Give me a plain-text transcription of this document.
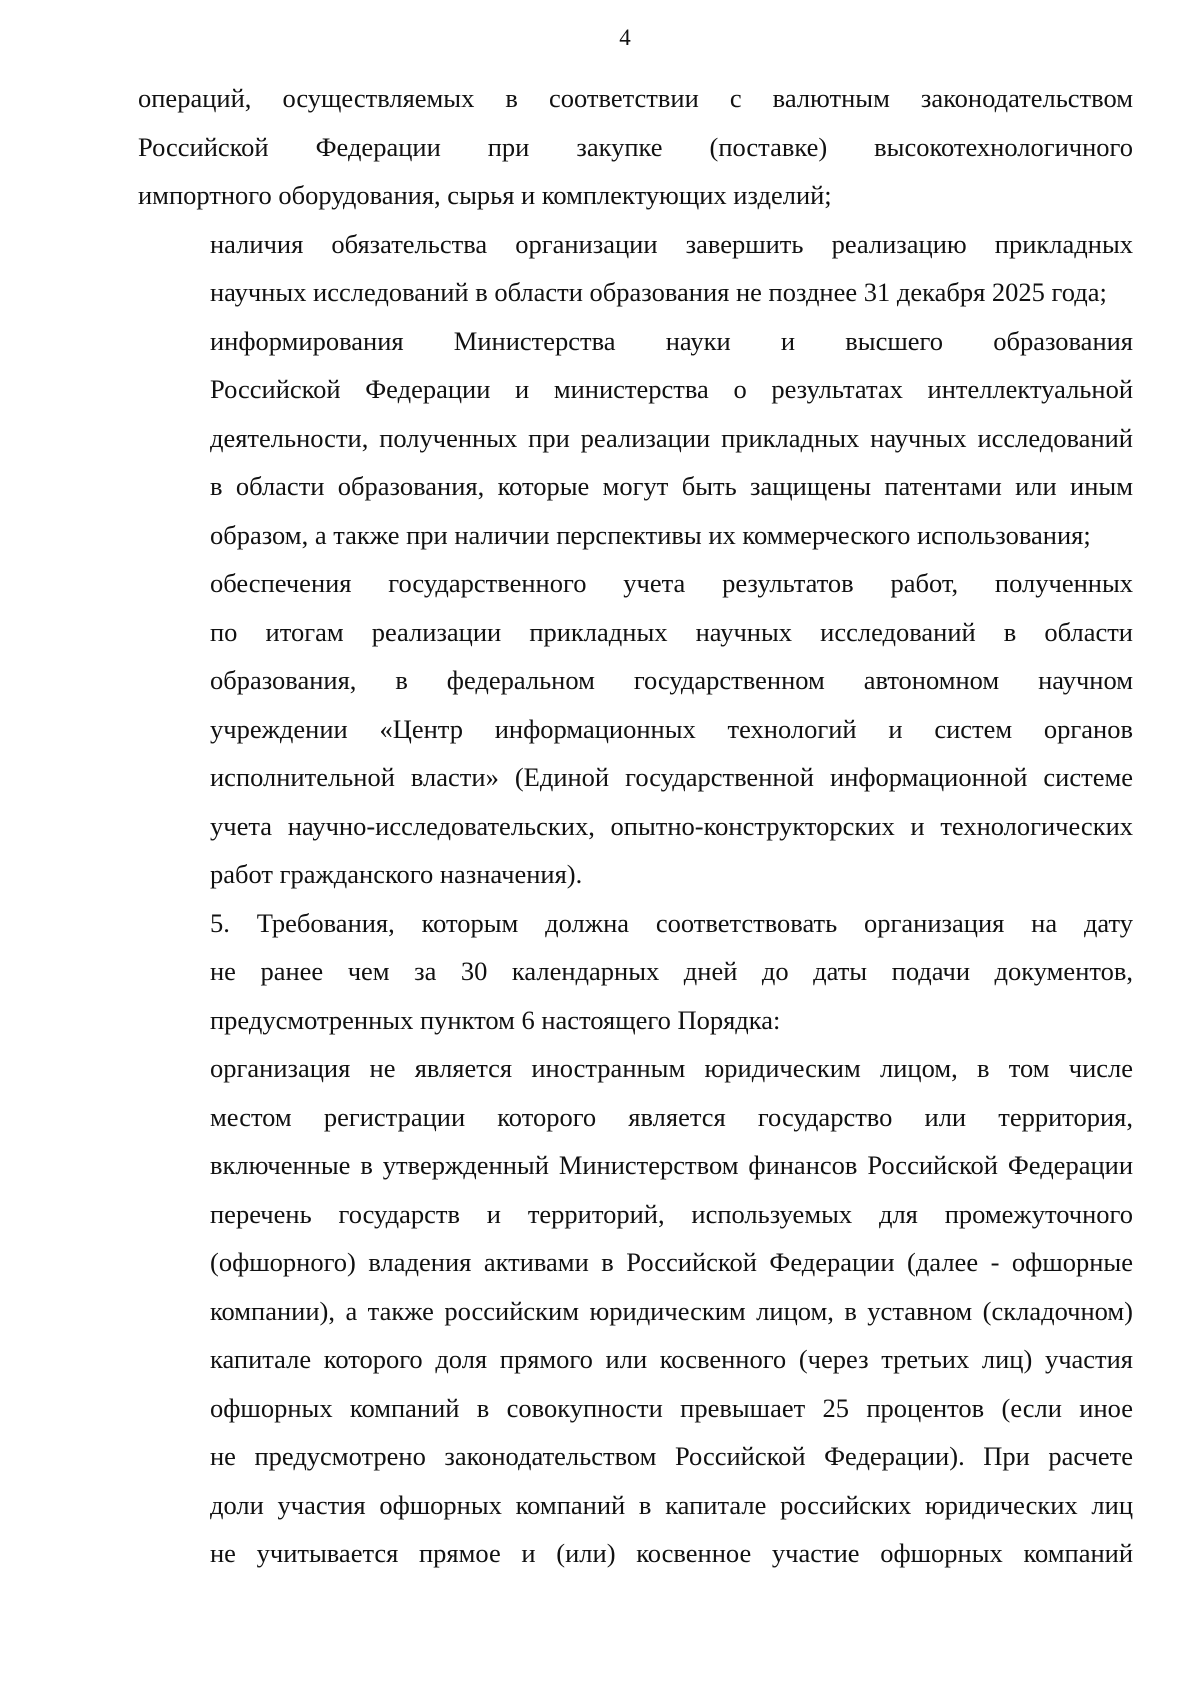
4

операций, осуществляемых в соответствии с валютным законодательством
Российской Федерации при закупке (поставке) высокотехнологичного
импортного оборудования, сырья и комплектующих изделий;

наличия обязательства организации завершить реализацию прикладных
научных исследований в области образования не позднее 31 декабря 2025 года;

информирования Министерства науки и высшего образования
Российской Федерации и министерства о результатах интеллектуальной
деятельности, полученных при реализации прикладных научных исследований
в области образования, которые могут быть защищены патентами или иным
образом, а также при наличии перспективы их коммерческого использования;

обеспечения государственного учета результатов работ, полученных
по итогам реализации прикладных научных исследований в области
образования, в федеральном государственном автономном научном
учреждении «Центр информационных технологий и систем органов
исполнительной власти» (Единой государственной информационной системе
учета научно-исследовательских, опытно-конструкторских и технологических
работ гражданского назначения).

5. Требования, которым должна соответствовать организация на дату
не ранее чем за 30 календарных дней до даты подачи документов,
предусмотренных пунктом 6 настоящего Порядка:

организация не является иностранным юридическим лицом, в том числе
местом регистрации которого является государство или территория,
включенные в утвержденный Министерством финансов Российской Федерации
перечень государств и территорий, используемых для промежуточного
(офшорного) владения активами в Российской Федерации (далее - офшорные
компании), а также российским юридическим лицом, в уставном (складочном)
капитале которого доля прямого или косвенного (через третьих лиц) участия
офшорных компаний в совокупности превышает 25 процентов (если иное
не предусмотрено законодательством Российской Федерации). При расчете
доли участия офшорных компаний в капитале российских юридических лиц
не учитывается прямое и (или) косвенное участие офшорных компаний
